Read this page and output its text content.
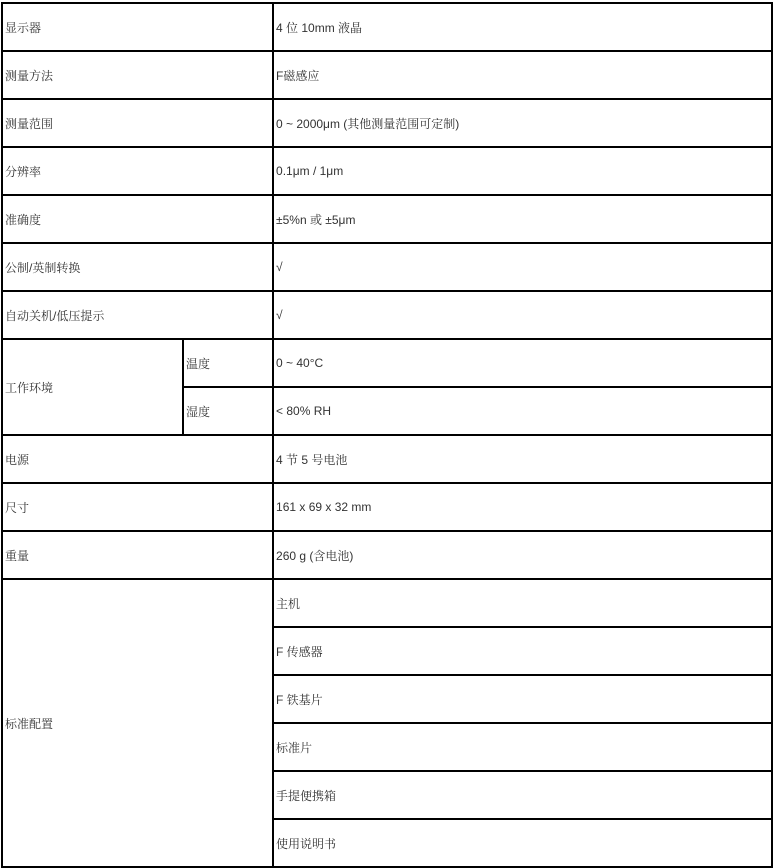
显示器		4 位 10mm 液晶
测量方法		F磁感应
测量范围		0 ~ 2000μm (其他测量范围可定制)
分辨率		0.1μm / 1μm
准确度		±5%n 或 ±5μm
公制/英制转换		√
自动关机/低压提示		√
工作环境	温度	0 ~ 40°C
	湿度	< 80% RH
电源		4 节 5 号电池
尺寸		161 x 69 x 32 mm
重量		260 g (含电池)
标准配置		主机
		F 传感器
		F 铁基片
		标准片
		手提便携箱
		使用说明书
